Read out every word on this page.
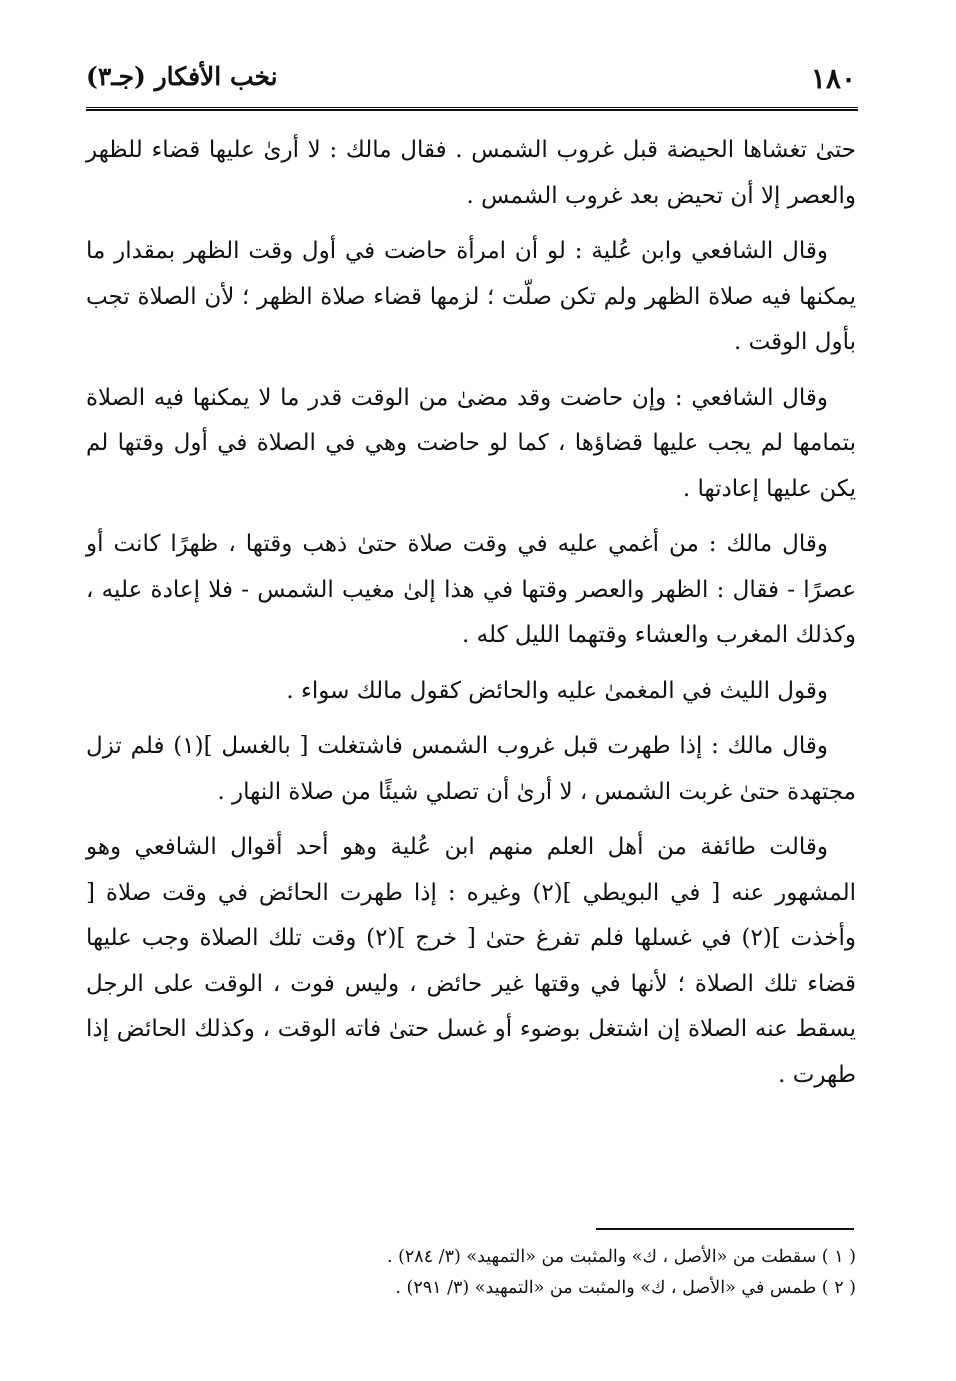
١٨٠
نخب الأفكار (جـ٣)

حتىٰ تغشاها الحيضة قبل غروب الشمس . فقال مالك : لا أرىٰ عليها قضاء للظهر والعصر إلا أن تحيض بعد غروب الشمس .

وقال الشافعي وابن عُلية : لو أن امرأة حاضت في أول وقت الظهر بمقدار ما يمكنها فيه صلاة الظهر ولم تكن صلّت ؛ لزمها قضاء صلاة الظهر ؛ لأن الصلاة تجب بأول الوقت .

وقال الشافعي : وإن حاضت وقد مضىٰ من الوقت قدر ما لا يمكنها فيه الصلاة بتمامها لم يجب عليها قضاؤها ، كما لو حاضت وهي في الصلاة في أول وقتها لم يكن عليها إعادتها .

وقال مالك : من أغمي عليه في وقت صلاة حتىٰ ذهب وقتها ، ظهرًا كانت أو عصرًا - فقال : الظهر والعصر وقتها في هذا إلىٰ مغيب الشمس - فلا إعادة عليه ، وكذلك المغرب والعشاء وقتهما الليل كله .

وقول الليث في المغمىٰ عليه والحائض كقول مالك سواء .

وقال مالك : إذا طهرت قبل غروب الشمس فاشتغلت [ بالغسل ](١) فلم تزل مجتهدة حتىٰ غربت الشمس ، لا أرىٰ أن تصلي شيئًا من صلاة النهار .

وقالت طائفة من أهل العلم منهم ابن عُلية وهو أحد أقوال الشافعي وهو المشهور عنه [ في البويطي ](٢) وغيره : إذا طهرت الحائض في وقت صلاة [ وأخذت ](٢) في غسلها فلم تفرغ حتىٰ [ خرج ](٢) وقت تلك الصلاة وجب عليها قضاء تلك الصلاة ؛ لأنها في وقتها غير حائض ، وليس فوت ، الوقت على الرجل يسقط عنه الصلاة إن اشتغل بوضوء أو غسل حتىٰ فاته الوقت ، وكذلك الحائض إذا طهرت .

( ١ ) سقطت من «الأصل ، ك» والمثبت من «التمهيد» (٣/ ٢٨٤) .

( ٢ ) طمس في «الأصل ، ك» والمثبت من «التمهيد» (٣/ ٢٩١) .
